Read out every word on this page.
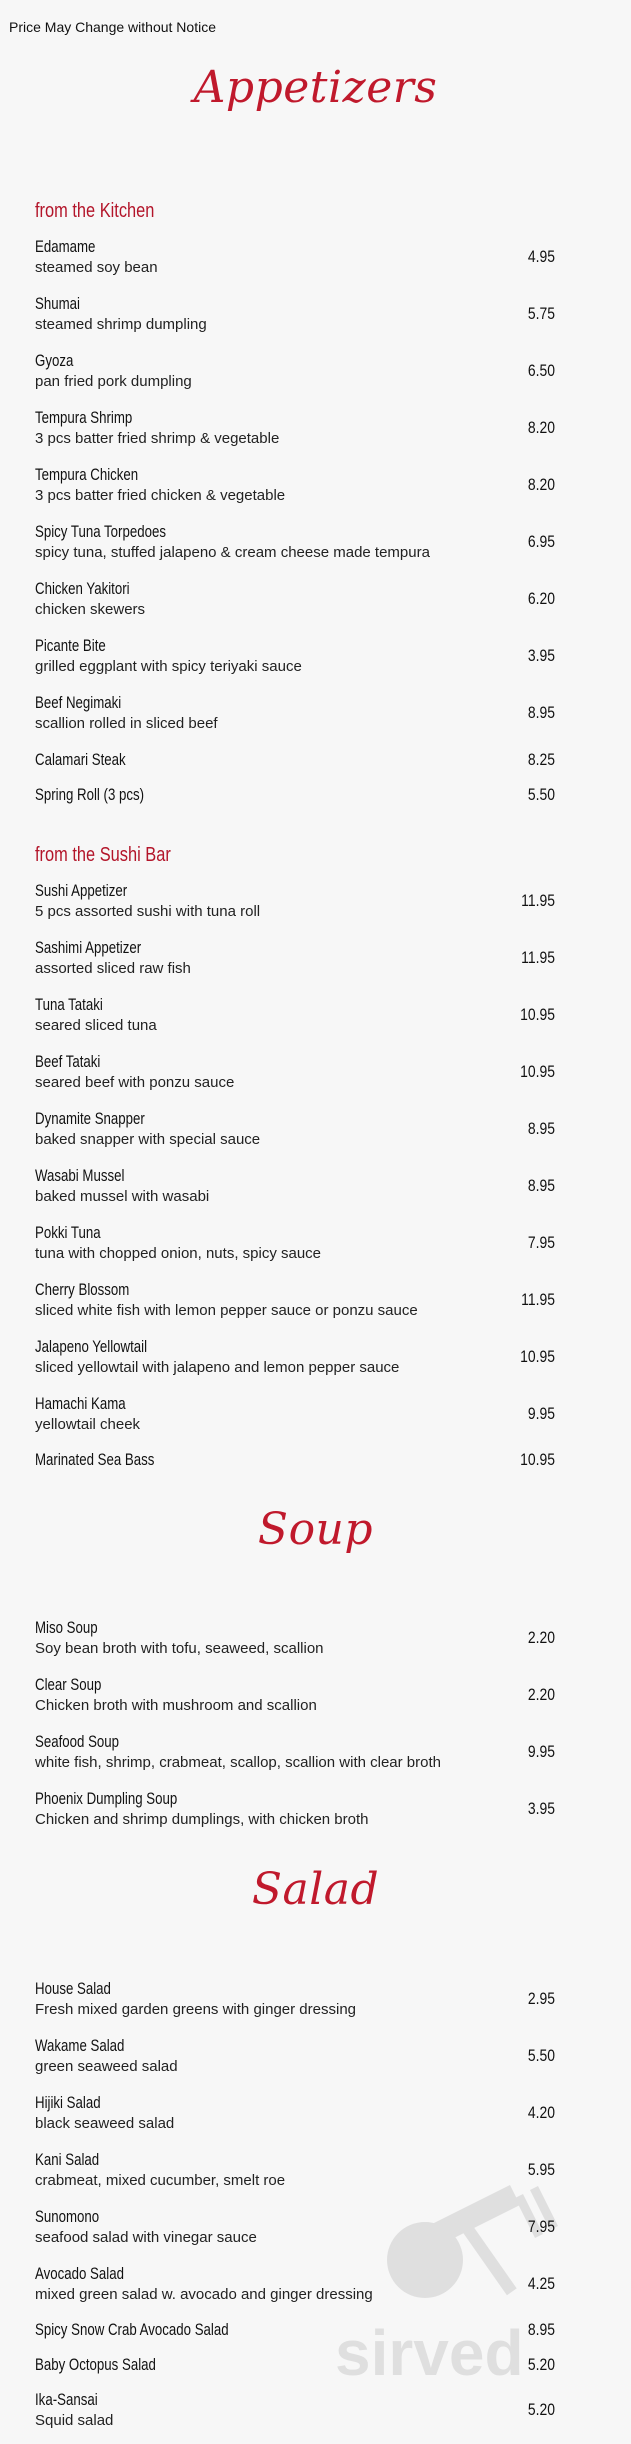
Price May Change without Notice
Appetizers
from the Kitchen
Edamame
steamed soy bean
4.95
Shumai
steamed shrimp dumpling
5.75
Gyoza
pan fried pork dumpling
6.50
Tempura Shrimp
3 pcs batter fried shrimp & vegetable
8.20
Tempura Chicken
3 pcs batter fried chicken & vegetable
8.20
Spicy Tuna Torpedoes
spicy tuna, stuffed jalapeno & cream cheese made tempura
6.95
Chicken Yakitori
chicken skewers
6.20
Picante Bite
grilled eggplant with spicy teriyaki sauce
3.95
Beef Negimaki
scallion rolled in sliced beef
8.95
Calamari Steak	8.25
Spring Roll (3 pcs)	5.50
from the Sushi Bar
Sushi Appetizer
5 pcs assorted sushi with tuna roll
11.95
Sashimi Appetizer
assorted sliced raw fish
11.95
Tuna Tataki
seared sliced tuna
10.95
Beef Tataki
seared beef with ponzu sauce
10.95
Dynamite Snapper
baked snapper with special sauce
8.95
Wasabi Mussel
baked mussel with wasabi
8.95
Pokki Tuna
tuna with chopped onion, nuts, spicy sauce
7.95
Cherry Blossom
sliced white fish with lemon pepper sauce or ponzu sauce
11.95
Jalapeno Yellowtail
sliced yellowtail with jalapeno and lemon pepper sauce
10.95
Hamachi Kama
yellowtail cheek
9.95
Marinated Sea Bass	10.95
Soup
Miso Soup
Soy bean broth with tofu, seaweed, scallion
2.20
Clear Soup
Chicken broth with mushroom and scallion
2.20
Seafood Soup
white fish, shrimp, crabmeat, scallop, scallion with clear broth
9.95
Phoenix Dumpling Soup
Chicken and shrimp dumplings, with chicken broth
3.95
Salad
House Salad
Fresh mixed garden greens with ginger dressing
2.95
Wakame Salad
green seaweed salad
5.50
Hijiki Salad
black seaweed salad
4.20
Kani Salad
crabmeat, mixed cucumber, smelt roe
5.95
Sunomono
seafood salad with vinegar sauce
7.95
Avocado Salad
mixed green salad w. avocado and ginger dressing
4.25
Spicy Snow Crab Avocado Salad	8.95
Baby Octopus Salad	5.20
Ika-Sansai
Squid salad
5.20
sirved
